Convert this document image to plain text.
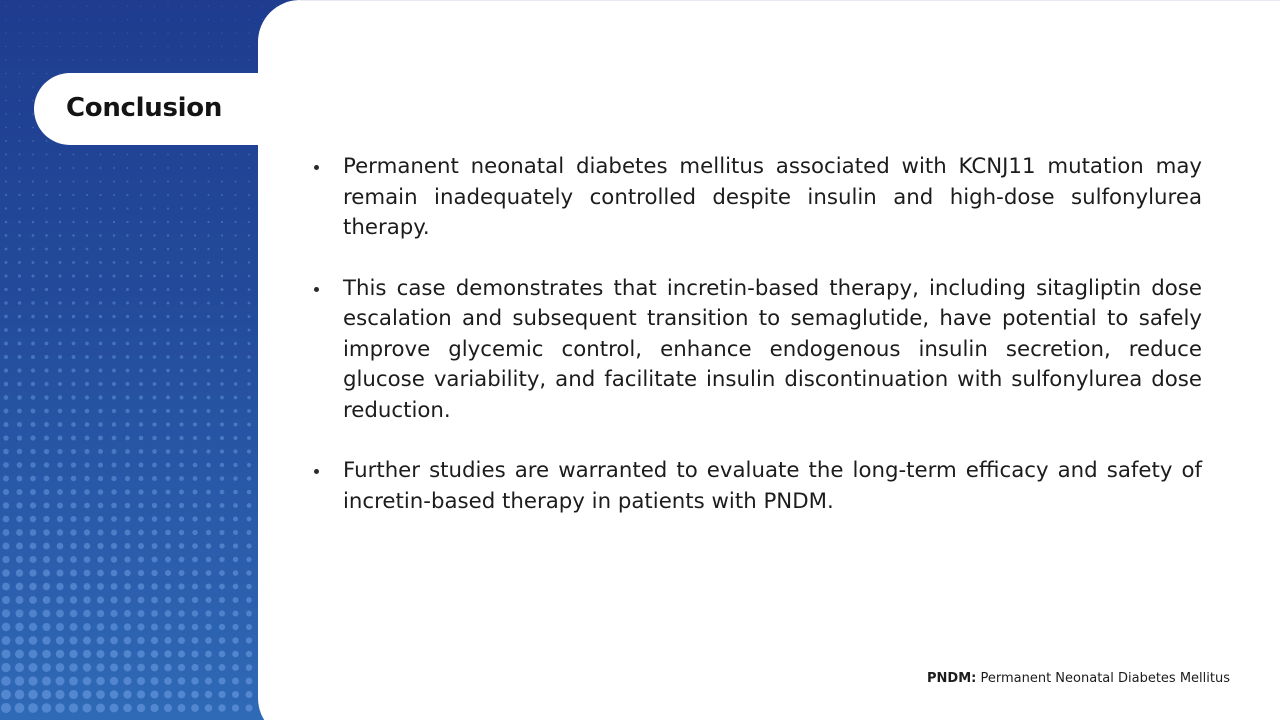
Conclusion
Permanent neonatal diabetes mellitus associated with KCNJ11 mutation may remain inadequately controlled despite insulin and high-dose sulfonylurea therapy.
This case demonstrates that incretin-based therapy, including sitagliptin dose escalation and subsequent transition to semaglutide, have potential to safely improve glycemic control, enhance endogenous insulin secretion, reduce glucose variability, and facilitate insulin discontinuation with sulfonylurea dose reduction.
Further studies are warranted to evaluate the long-term efficacy and safety of incretin-based therapy in patients with PNDM.
PNDM: Permanent Neonatal Diabetes Mellitus
